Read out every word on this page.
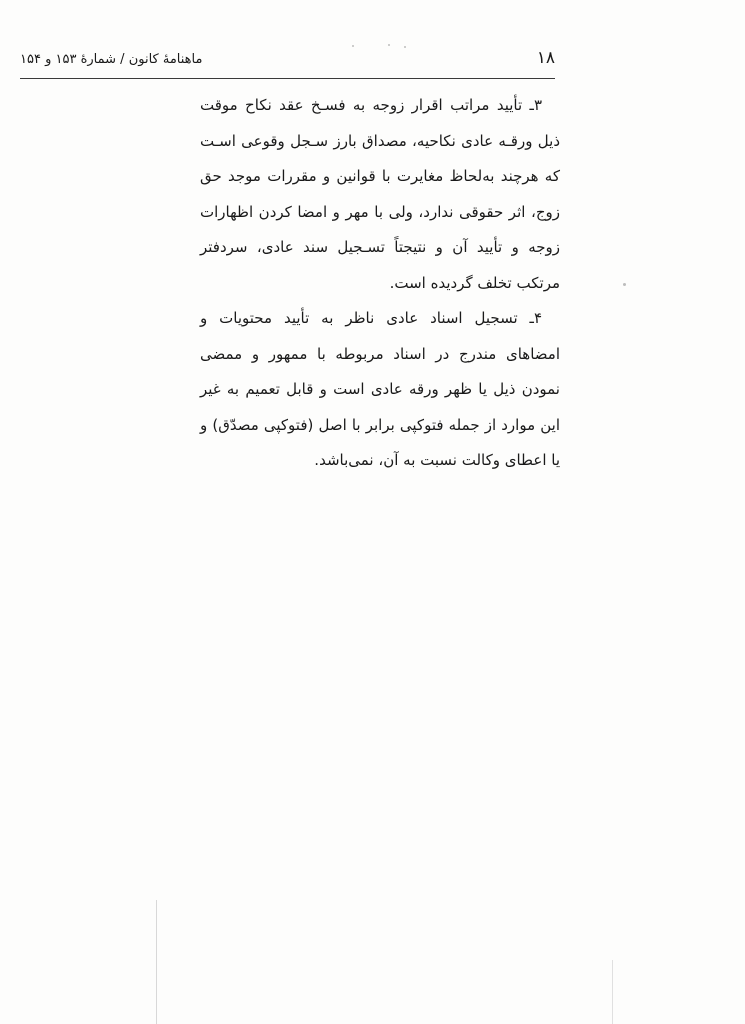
۱۸
ماهنامهٔ کانون / شمارهٔ ۱۵۳ و ۱۵۴

۳ـ تأیید مراتب اقرار زوجه به فسـخ عقد نکاح موقت ذیل ورقـه عادی نکاحیه، مصداق بارز سـجل وقوعی اسـت که هرچند به‌لحاظ مغایرت با قوانین و مقررات موجد حق زوج، اثر حقوقی ندارد، ولی با مهر و امضا کردن اظهارات زوجه و تأیید آن و نتیجتاً تسـجیل سند عادی، سردفتر مرتکب تخلف گردیده است.

۴ـ تسجیل اسناد عادی ناظر به تأیید محتویات و امضاهای مندرج در اسناد مربوطه با ممهور و ممضی نمودن ذیل یا ظهر ورقه عادی است و قابل تعمیم به غیر این موارد از جمله فتوکپی برابر با اصل (فتوکپی مصدّق) و یا اعطای وکالت نسبت به آن، نمی‌باشد.
